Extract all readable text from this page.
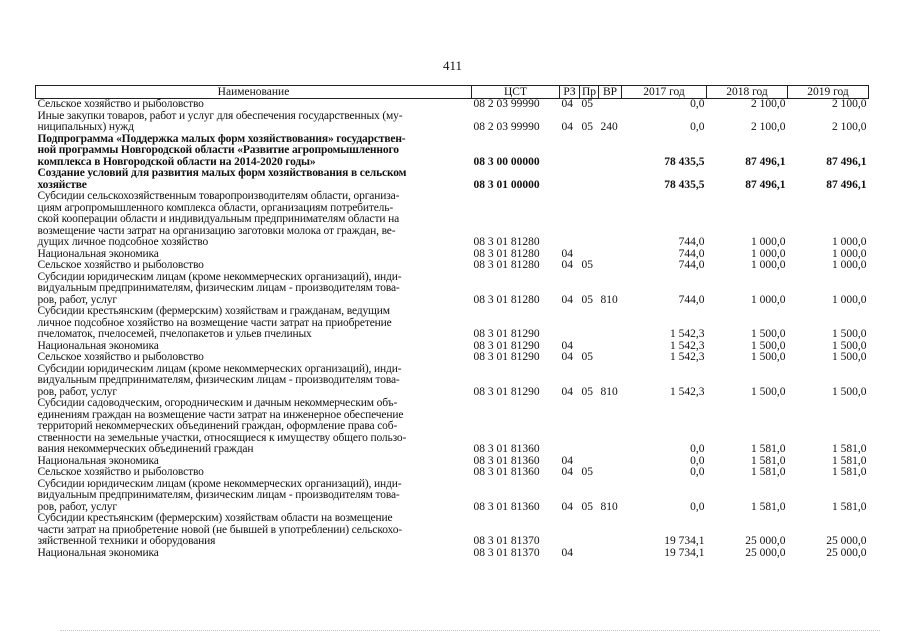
411
Наименование	ЦСТ	РЗ	Пр	ВР	2017 год	2018 год	2019 год
Сельское хозяйство и рыболовство	08 2 03 99990	04	05		0,0	2 100,0	2 100,0
Иные закупки товаров, работ и услуг для обеспечения государственных (му-
ниципальных) нужд	08 2 03 99990	04	05	240	0,0	2 100,0	2 100,0
Подпрограмма «Поддержка малых форм хозяйствования» государствен-
ной программы Новгородской области «Развитие агропромышленного
комплекса в Новгородской области на 2014-2020 годы»	08 3 00 00000				78 435,5	87 496,1	87 496,1
Создание условий для развития малых форм хозяйствования в сельском
хозяйстве	08 3 01 00000				78 435,5	87 496,1	87 496,1
Субсидии сельскохозяйственным товаропроизводителям области, организа-
циям агропромышленного комплекса области, организациям потребитель-
ской кооперации области и индивидуальным предпринимателям области на
возмещение части затрат на организацию заготовки молока от граждан, ве-
дущих личное подсобное хозяйство	08 3 01 81280				744,0	1 000,0	1 000,0
Национальная экономика	08 3 01 81280	04			744,0	1 000,0	1 000,0
Сельское хозяйство и рыболовство	08 3 01 81280	04	05		744,0	1 000,0	1 000,0
Субсидии юридическим лицам (кроме некоммерческих организаций), инди-
видуальным предпринимателям, физическим лицам - производителям това-
ров, работ, услуг	08 3 01 81280	04	05	810	744,0	1 000,0	1 000,0
Субсидии крестьянским (фермерским) хозяйствам и гражданам, ведущим
личное подсобное хозяйство на возмещение части затрат на приобретение
пчеломаток, пчелосемей, пчелопакетов и ульев пчелиных	08 3 01 81290				1 542,3	1 500,0	1 500,0
Национальная экономика	08 3 01 81290	04			1 542,3	1 500,0	1 500,0
Сельское хозяйство и рыболовство	08 3 01 81290	04	05		1 542,3	1 500,0	1 500,0
Субсидии юридическим лицам (кроме некоммерческих организаций), инди-
видуальным предпринимателям, физическим лицам - производителям това-
ров, работ, услуг	08 3 01 81290	04	05	810	1 542,3	1 500,0	1 500,0
Субсидии садоводческим, огородническим и дачным некоммерческим объ-
единениям граждан на возмещение части затрат на инженерное обеспечение
территорий некоммерческих объединений граждан, оформление права соб-
ственности на земельные участки, относящиеся к имуществу общего пользо-
вания некоммерческих объединений граждан	08 3 01 81360				0,0	1 581,0	1 581,0
Национальная экономика	08 3 01 81360	04			0,0	1 581,0	1 581,0
Сельское хозяйство и рыболовство	08 3 01 81360	04	05		0,0	1 581,0	1 581,0
Субсидии юридическим лицам (кроме некоммерческих организаций), инди-
видуальным предпринимателям, физическим лицам - производителям това-
ров, работ, услуг	08 3 01 81360	04	05	810	0,0	1 581,0	1 581,0
Субсидии крестьянским (фермерским) хозяйствам области на возмещение
части затрат на приобретение новой (не бывшей в употреблении) сельскохо-
зяйственной техники и оборудования	08 3 01 81370				19 734,1	25 000,0	25 000,0
Национальная экономика	08 3 01 81370	04			19 734,1	25 000,0	25 000,0
